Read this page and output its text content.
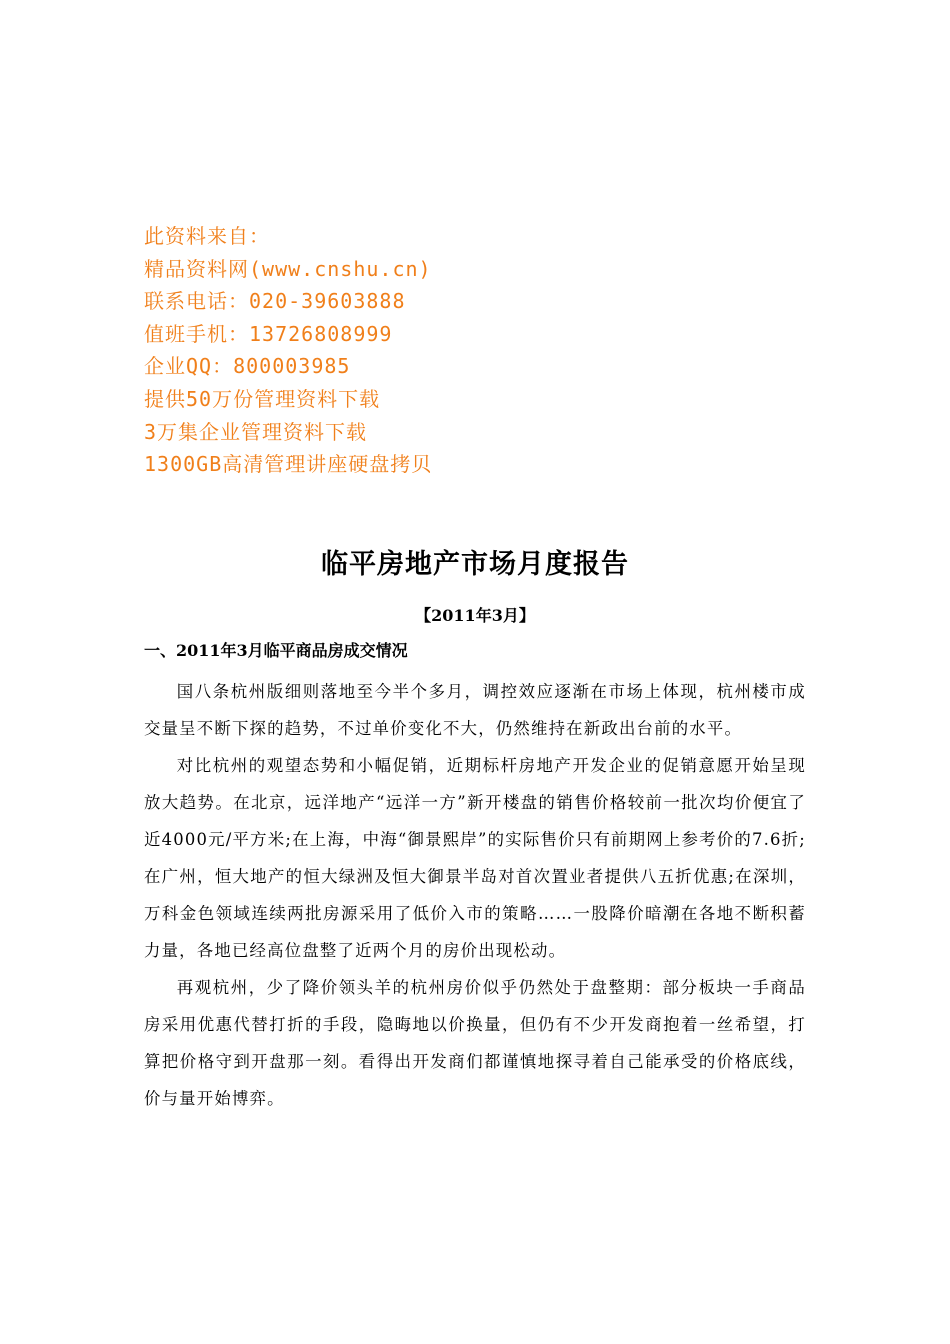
此资料来自：
精品资料网(www.cnshu.cn)
联系电话：020-39603888
值班手机：13726808999
企业QQ：800003985
提供50万份管理资料下载
3万集企业管理资料下载
1300GB高清管理讲座硬盘拷贝
临平房地产市场月度报告
【2011年3月】
一、2011年3月临平商品房成交情况

国八条杭州版细则落地至今半个多月，调控效应逐渐在市场上体现，杭州楼市成交量呈不断下探的趋势，不过单价变化不大，仍然维持在新政出台前的水平。

对比杭州的观望态势和小幅促销，近期标杆房地产开发企业的促销意愿开始呈现放大趋势。在北京，远洋地产“远洋一方”新开楼盘的销售价格较前一批次均价便宜了近4000元/平方米;在上海，中海“御景熙岸”的实际售价只有前期网上参考价的7.6折;在广州，恒大地产的恒大绿洲及恒大御景半岛对首次置业者提供八五折优惠;在深圳，万科金色领域连续两批房源采用了低价入市的策略……一股降价暗潮在各地不断积蓄力量，各地已经高位盘整了近两个月的房价出现松动。

再观杭州，少了降价领头羊的杭州房价似乎仍然处于盘整期：部分板块一手商品房采用优惠代替打折的手段，隐晦地以价换量，但仍有不少开发商抱着一丝希望，打算把价格守到开盘那一刻。看得出开发商们都谨慎地探寻着自己能承受的价格底线，价与量开始博弈。
